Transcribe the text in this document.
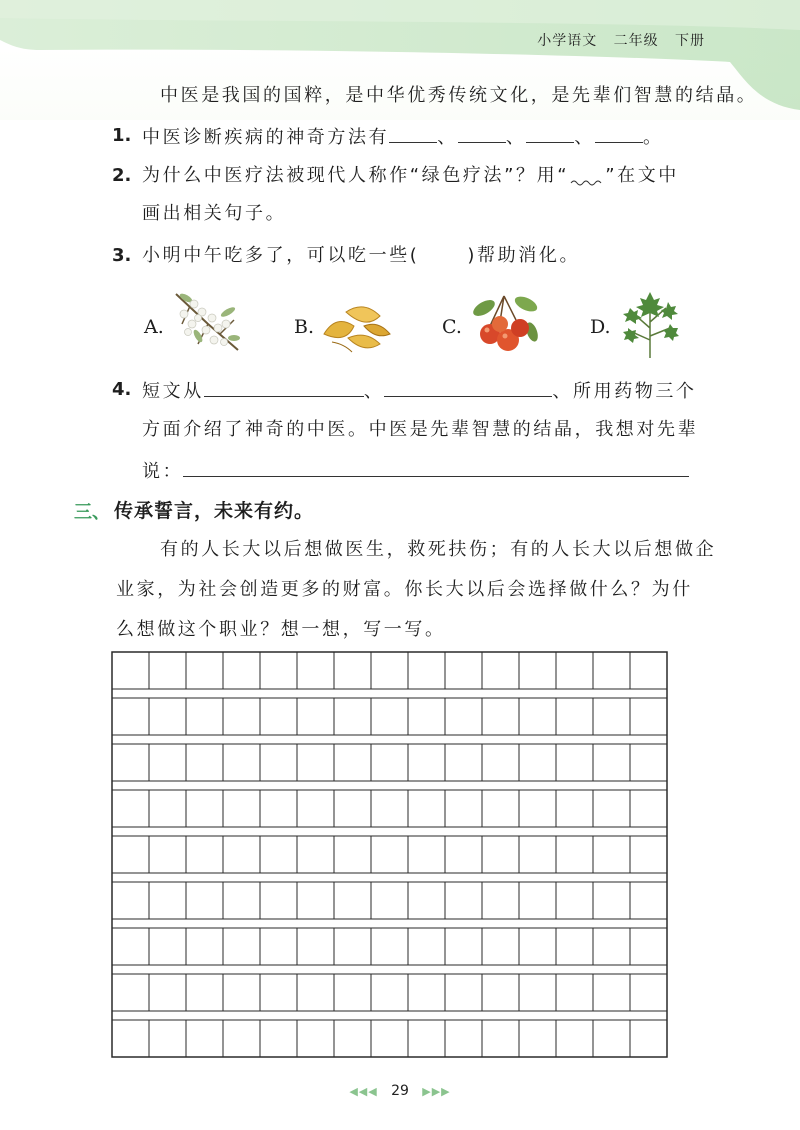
小学语文 二年级 下册
中医是我国的国粹，是中华优秀传统文化，是先辈们智慧的结晶。
1. 中医诊断疾病的神奇方法有	、	、	、	。
2. 为什么中医疗法被现代人称作“绿色疗法”？用“ ”在文中
画出相关句子。
3. 小明中午吃多了，可以吃一些(	)帮助消化。
A.	B.	C.	D.
4. 短文从	、	、所用药物三个
方面介绍了神奇的中医。中医是先辈智慧的结晶，我想对先辈
说：
三、 传承誓言，未来有约。
有的人长大以后想做医生，救死扶伤；有的人长大以后想做企
业家，为社会创造更多的财富。你长大以后会选择做什么？为什
么想做这个职业？想一想，写一写。
◀◀◀ 29 ▶▶▶
